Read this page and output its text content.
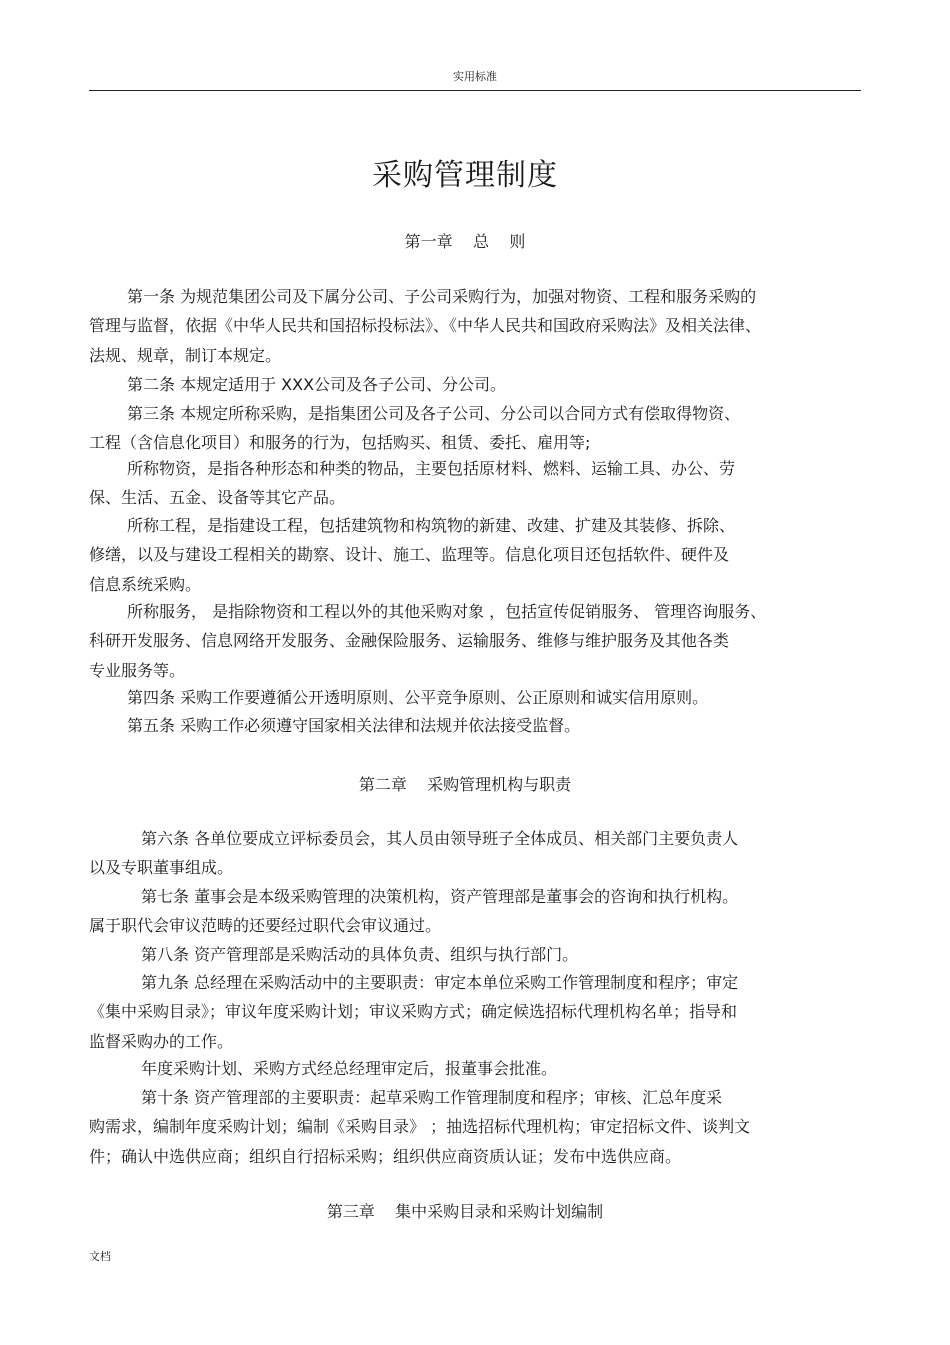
实用标准
采购管理制度
第一章    总    则
第一条 为规范集团公司及下属分公司、子公司采购行为，加强对物资、工程和服务采购的
管理与监督，依据《中华人民共和国招标投标法》、《中华人民共和国政府采购法》及相关法律、
法规、规章，制订本规定。
第二条 本规定适用于 XXX公司及各子公司、分公司。
第三条 本规定所称采购，是指集团公司及各子公司、分公司以合同方式有偿取得物资、
工程（含信息化项目）和服务的行为，包括购买、租赁、委托、雇用等;
所称物资，是指各种形态和种类的物品，主要包括原材料、燃料、运输工具、办公、劳
保、生活、五金、设备等其它产品。
所称工程，是指建设工程，包括建筑物和构筑物的新建、改建、扩建及其装修、拆除、
修缮，以及与建设工程相关的勘察、设计、施工、监理等。信息化项目还包括软件、硬件及
信息系统采购。
所称服务， 是指除物资和工程以外的其他采购对象 ，包括宣传促销服务、 管理咨询服务、
科研开发服务、信息网络开发服务、金融保险服务、运输服务、维修与维护服务及其他各类
专业服务等。
第四条 采购工作要遵循公开透明原则、公平竞争原则、公正原则和诚实信用原则。
第五条 采购工作必须遵守国家相关法律和法规并依法接受监督。
第二章    采购管理机构与职责
第六条 各单位要成立评标委员会，其人员由领导班子全体成员、相关部门主要负责人
以及专职董事组成。
第七条 董事会是本级采购管理的决策机构，资产管理部是董事会的咨询和执行机构。
属于职代会审议范畴的还要经过职代会审议通过。
第八条 资产管理部是采购活动的具体负责、组织与执行部门。
第九条 总经理在采购活动中的主要职责：审定本单位采购工作管理制度和程序；审定
《集中采购目录》；审议年度采购计划；审议采购方式；确定候选招标代理机构名单；指导和
监督采购办的工作。
年度采购计划、采购方式经总经理审定后，报董事会批准。
第十条 资产管理部的主要职责：起草采购工作管理制度和程序；审核、汇总年度采
购需求，编制年度采购计划；编制《采购目录》 ；抽选招标代理机构；审定招标文件、谈判文
件；确认中选供应商；组织自行招标采购；组织供应商资质认证；发布中选供应商。
第三章    集中采购目录和采购计划编制
文档
